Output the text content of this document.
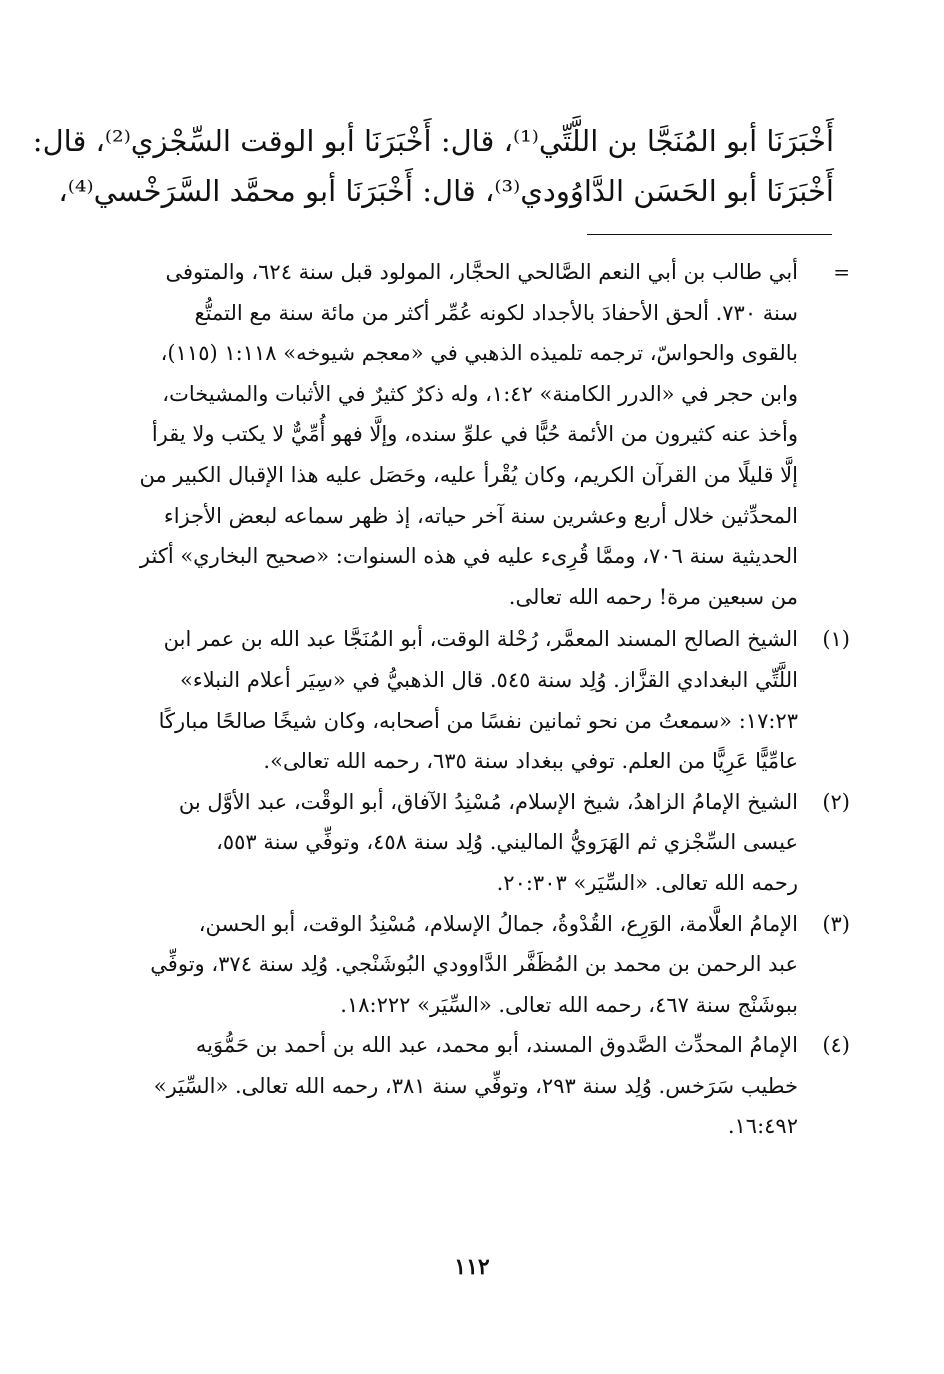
أَخْبَرَنَا أبو المُنَجَّا بن اللَّتِّي⁽¹⁾، قال: أَخْبَرَنَا أبو الوقت السِّجْزي⁽²⁾، قال:
أَخْبَرَنَا أبو الحَسَن الدَّاوُودي⁽³⁾، قال: أَخْبَرَنَا أبو محمَّد السَّرَخْسي⁽⁴⁾،
=
أبي طالب بن أبي النعم الصَّالحي الحجَّار، المولود قبل سنة ٦٢٤، والمتوفى
سنة ٧٣٠. ألحق الأحفادَ بالأجداد لكونه عُمِّر أكثر من مائة سنة مع التمتُّع
بالقوى والحواسّ، ترجمه تلميذه الذهبي في «معجم شيوخه» ١:١١٨ (١١٥)،
وابن حجر في «الدرر الكامنة» ١:٤٢، وله ذكرٌ كثيرٌ في الأثبات والمشيخات،
وأخذ عنه كثيرون من الأئمة حُبًّا في علوِّ سنده، وإلَّا فهو أُمِّيٌّ لا يكتب ولا يقرأ
إلَّا قليلًا من القرآن الكريم، وكان يُقْرأ عليه، وحَصَل عليه هذا الإقبال الكبير من
المحدِّثين خلال أربع وعشرين سنة آخر حياته، إذ ظهر سماعه لبعض الأجزاء
الحديثية سنة ٧٠٦، وممَّا قُرِىء عليه في هذه السنوات: «صحيح البخاري» أكثر
من سبعين مرة! رحمه الله تعالى.
(١)
الشيخ الصالح المسند المعمَّر، رُحْلة الوقت، أبو المُنَجَّا عبد الله بن عمر ابن
اللَّتِّي البغدادي القزَّاز. وُلِد سنة ٥٤٥. قال الذهبيُّ في «سِيَر أعلام النبلاء»
١٧:٢٣: «سمعتُ من نحو ثمانين نفسًا من أصحابه، وكان شيخًا صالحًا مباركًا
عامِّيًّا عَرِيًّا من العلم. توفي ببغداد سنة ٦٣٥، رحمه الله تعالى».
(٢)
الشيخ الإمامُ الزاهدُ، شيخ الإسلام، مُسْنِدُ الآفاق، أبو الوقْت، عبد الأوَّل بن
عيسى السِّجْزي ثم الهَرَويُّ الماليني. وُلِد سنة ٤٥٨، وتوفِّي سنة ٥٥٣،
رحمه الله تعالى. «السِّيَر» ٢٠:٣٠٣.
(٣)
الإمامُ العلَّامة، الوَرِع، القُدْوةُ، جمالُ الإسلام، مُسْنِدُ الوقت، أبو الحسن،
عبد الرحمن بن محمد بن المُظَفَّر الدَّاوودي البُوشَنْجي. وُلِد سنة ٣٧٤، وتوفِّي
ببوشَنْج سنة ٤٦٧، رحمه الله تعالى. «السِّيَر» ١٨:٢٢٢.
(٤)
الإمامُ المحدِّث الصَّدوق المسند، أبو محمد، عبد الله بن أحمد بن حَمُّوَيه
خطيب سَرَخس. وُلِد سنة ٢٩٣، وتوفِّي سنة ٣٨١، رحمه الله تعالى. «السِّيَر»
١٦:٤٩٢.
١١٢
